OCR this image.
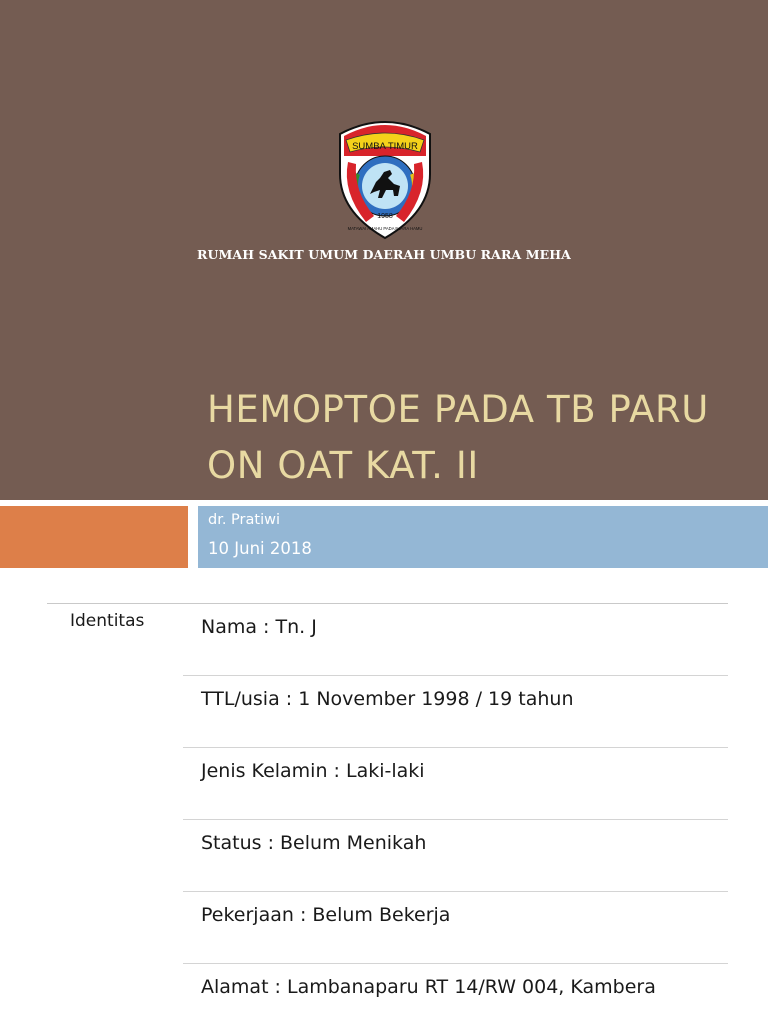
SUMBA TIMUR
1958
MATAWAI AMAHU PADA NJARA HAMU
RUMAH SAKIT UMUM DAERAH UMBU RARA MEHA
HEMOPTOE PADA TB PARU
ON OAT KAT. II
dr. Pratiwi
10 Juni 2018
Identitas	Nama : Tn. J
TTL/usia : 1 November 1998 / 19 tahun
Jenis Kelamin : Laki-laki
Status : Belum Menikah
Pekerjaan : Belum Bekerja
Alamat : Lambanaparu RT 14/RW 004, Kambera
